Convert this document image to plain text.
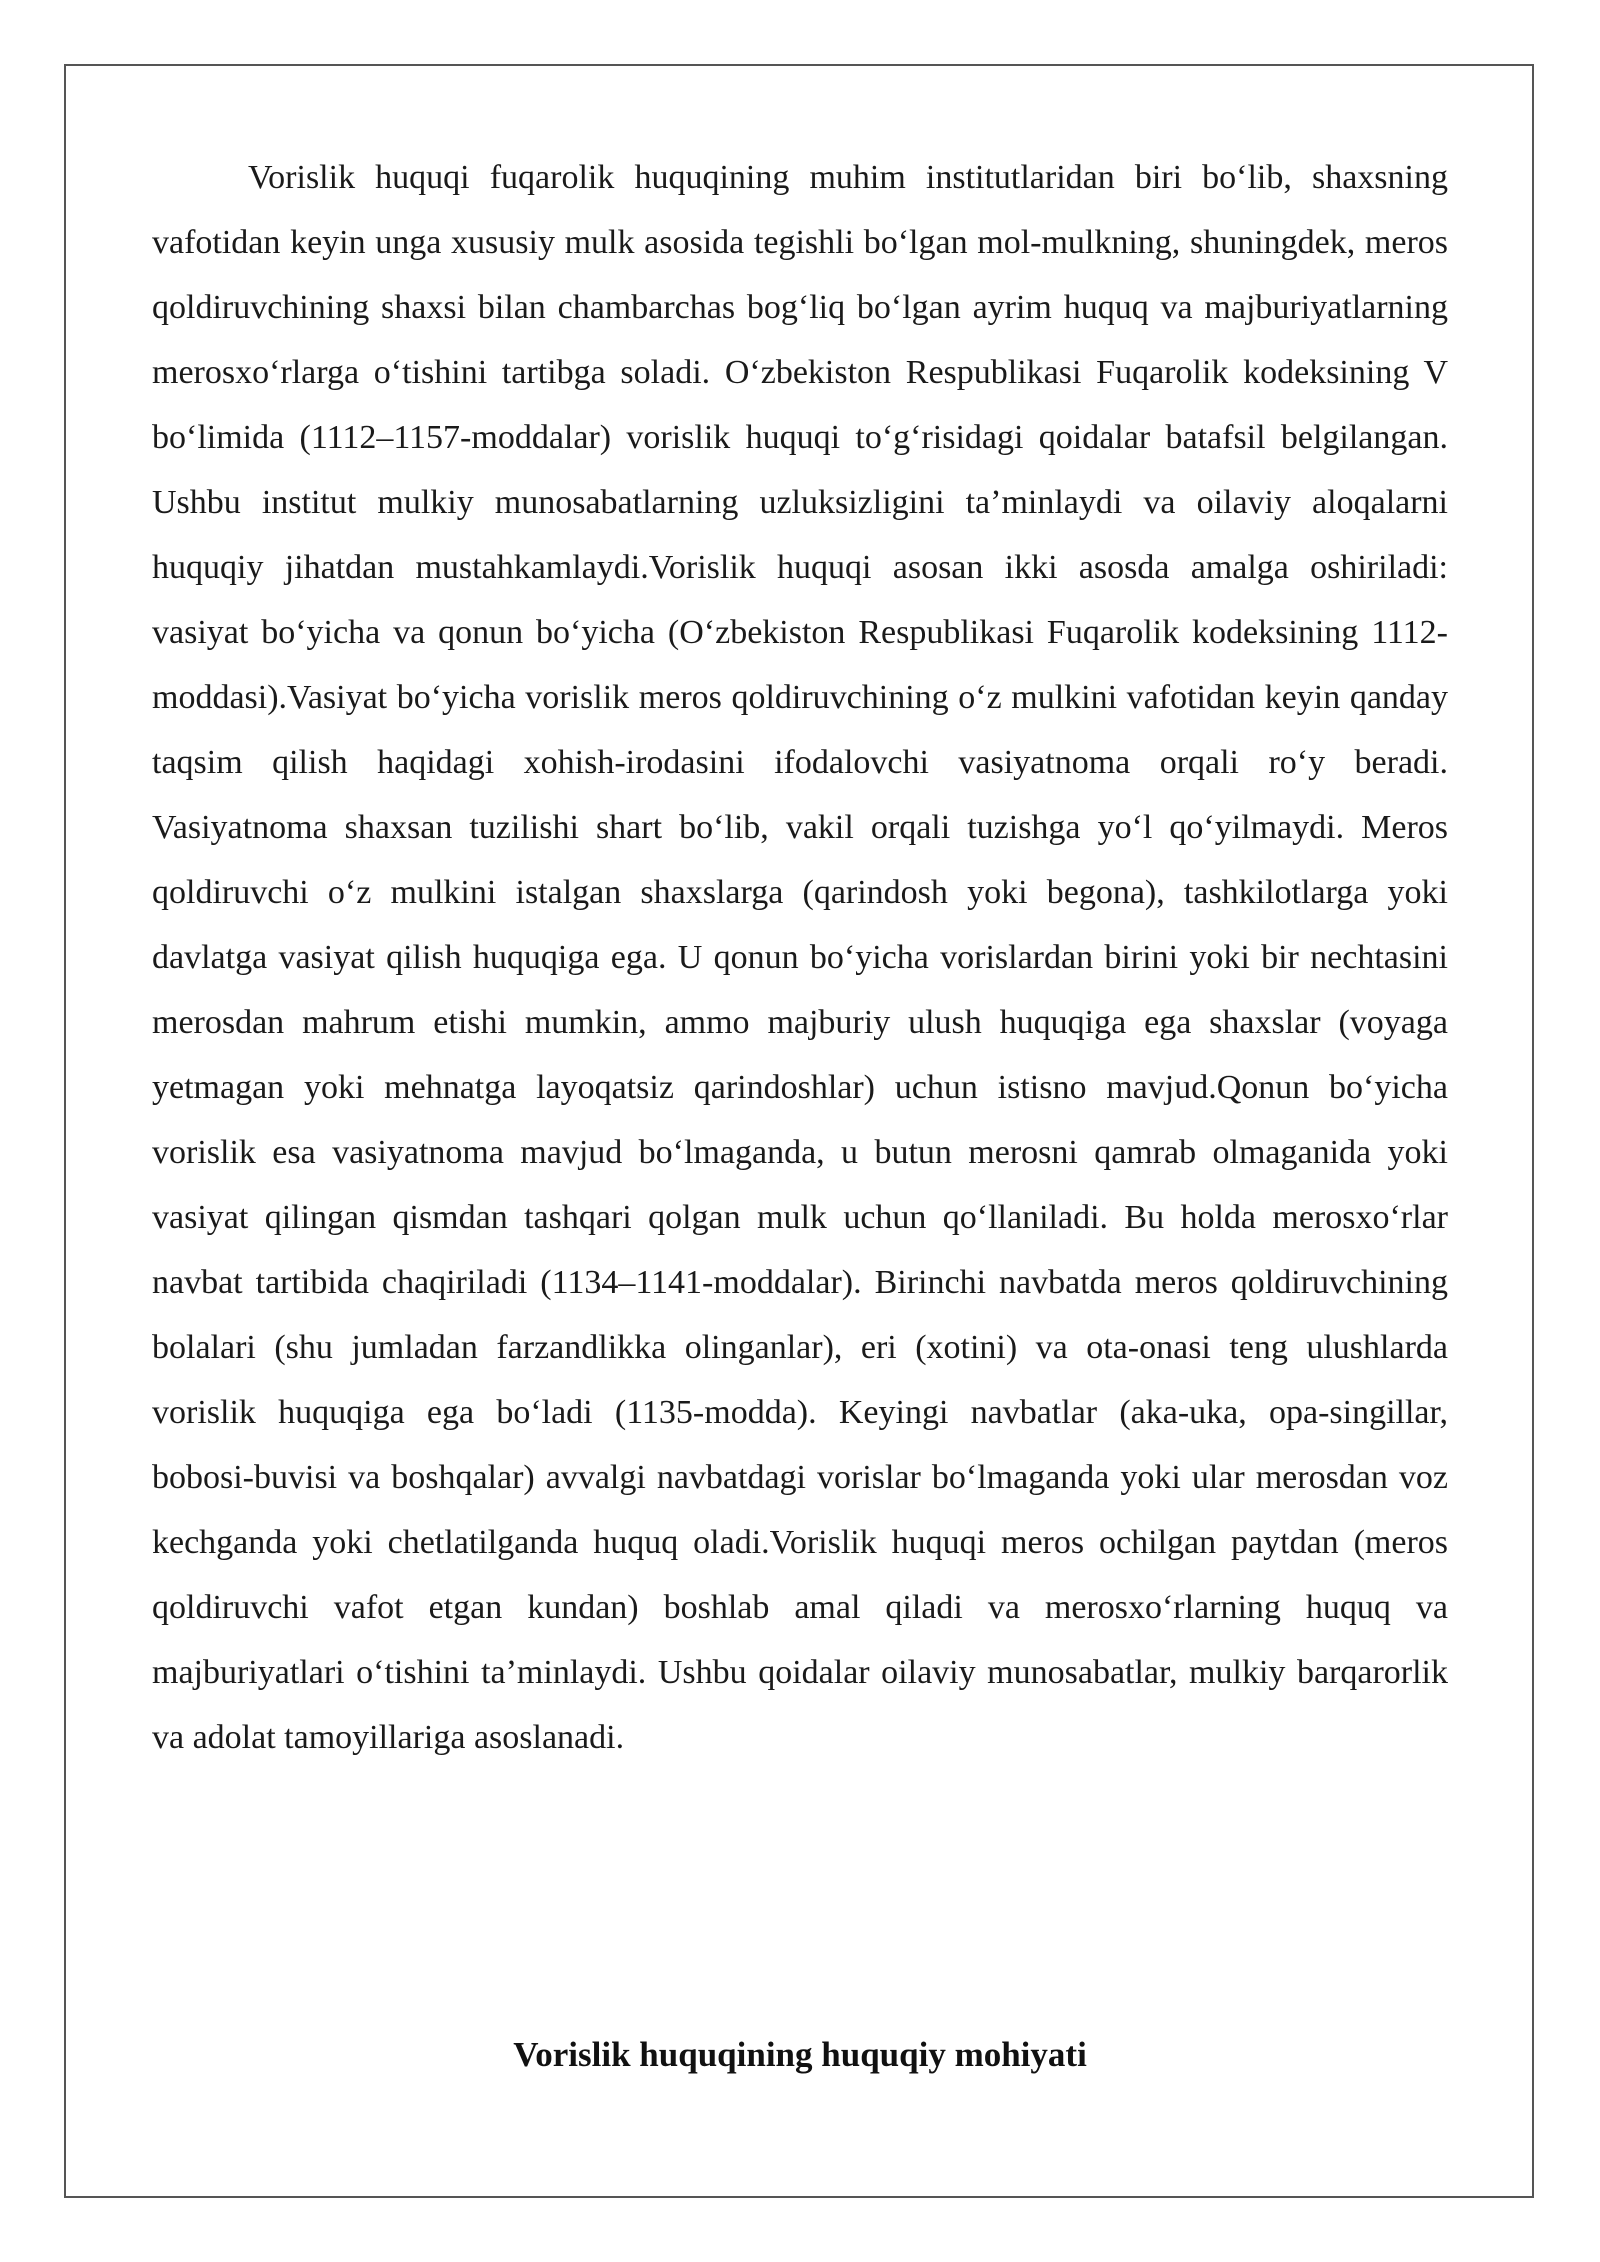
Vorislik huquqi fuqarolik huquqining muhim institutlaridan biri boʻlib, shaxsning vafotidan keyin unga xususiy mulk asosida tegishli boʻlgan mol-mulkning, shuningdek, meros qoldiruvchining shaxsi bilan chambarchas bogʻliq boʻlgan ayrim huquq va majburiyatlarning merosxoʻrlarga oʻtishini tartibga soladi. Oʻzbekiston Respublikasi Fuqarolik kodeksining V boʻlimida (1112–1157-moddalar) vorislik huquqi toʻgʻrisidagi qoidalar batafsil belgilangan. Ushbu institut mulkiy munosabatlarning uzluksizligini taʼminlaydi va oilaviy aloqalarni huquqiy jihatdan mustahkamlaydi.Vorislik huquqi asosan ikki asosda amalga oshiriladi: vasiyat boʻyicha va qonun boʻyicha (Oʻzbekiston Respublikasi Fuqarolik kodeksining 1112-moddasi).Vasiyat boʻyicha vorislik meros qoldiruvchining oʻz mulkini vafotidan keyin qanday taqsim qilish haqidagi xohish-irodasini ifodalovchi vasiyatnoma orqali roʻy beradi. Vasiyatnoma shaxsan tuzilishi shart boʻlib, vakil orqali tuzishga yoʻl qoʻyilmaydi. Meros qoldiruvchi oʻz mulkini istalgan shaxslarga (qarindosh yoki begona), tashkilotlarga yoki davlatga vasiyat qilish huquqiga ega. U qonun boʻyicha vorislardan birini yoki bir nechtasini merosdan mahrum etishi mumkin, ammo majburiy ulush huquqiga ega shaxslar (voyaga yetmagan yoki mehnatga layoqatsiz qarindoshlar) uchun istisno mavjud.Qonun boʻyicha vorislik esa vasiyatnoma mavjud boʻlmaganda, u butun merosni qamrab olmaganida yoki vasiyat qilingan qismdan tashqari qolgan mulk uchun qoʻllaniladi. Bu holda merosxoʻrlar navbat tartibida chaqiriladi (1134–1141-moddalar). Birinchi navbatda meros qoldiruvchining bolalari (shu jumladan farzandlikka olinganlar), eri (xotini) va ota-onasi teng ulushlarda vorislik huquqiga ega boʻladi (1135-modda). Keyingi navbatlar (aka-uka, opa-singillar, bobosi-buvisi va boshqalar) avvalgi navbatdagi vorislar boʻlmaganda yoki ular merosdan voz kechganda yoki chetlatilganda huquq oladi.Vorislik huquqi meros ochilgan paytdan (meros qoldiruvchi vafot etgan kundan) boshlab amal qiladi va merosxoʻrlarning huquq va majburiyatlari oʻtishini taʼminlaydi. Ushbu qoidalar oilaviy munosabatlar, mulkiy barqarorlik va adolat tamoyillariga asoslanadi.

Vorislik huquqining huquqiy mohiyati
